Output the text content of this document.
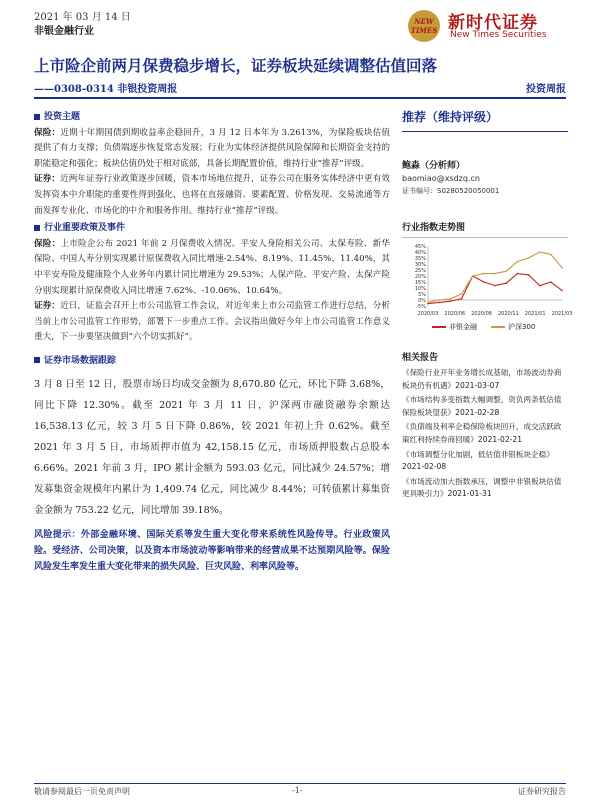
2021 年 03 月 14 日
非银金融行业
NEW
TIMES 新时代证券
New Times Securities
上市险企前两月保费稳步增长，证券板块延续调整估值回落
——0308-0314 非银投资周报	投资周报
投资主题
保险：近期十年期国债到期收益率企稳回升，3 月 12 日本年为 3.2613%，为保险板块估值提供了有力支撑；负债端逐步恢复常态发展；行业为实体经济提供风险保障和长期资金支持的职能稳定和强化；板块估值仍处于相对底部，具备长期配置价值，维持行业“推荐”评级。
证券：近两年证券行业政策逐步回暖，资本市场地位提升，证券公司在服务实体经济中更有效发挥资本中介职能的重要性得到强化，也将在直接融资、要素配置、价格发现、交易流通等方面发挥专业化、市场化的中介和服务作用。维持行业“推荐”评级。
行业重要政策及事件
保险：上市险企公布 2021 年前 2 月保费收入情况。平安人身险相关公司、太保寿险、新华保险、中国人寿分别实现累计原保费收入同比增速-2.54%、8.19%、11.45%、11.40%，其中平安寿险及健康险个人业务年内累计同比增速为 29.53%；人保产险、平安产险、太保产险分别实现累计原保费收入同比增速 7.62%、-10.06%、10.64%。
证券：近日，证监会召开上市公司监管工作会议，对近年来上市公司监管工作进行总结，分析当前上市公司监管工作形势，部署下一步重点工作。会议指出做好今年上市公司监管工作意义重大，下一步要坚决做到“六个切实抓好”。
证券市场数据跟踪
3 月 8 日至 12 日，股票市场日均成交金额为 8,670.80 亿元，环比下降 3.68%，同比下降 12.30%。截至 2021 年 3 月 11 日，沪深两市融资融券余额达 16,538.13 亿元，较 3 月 5 日下降 0.86%，较 2021 年初上升 0.62%。截至 2021 年 3 月 5 日，市场质押市值为 42,158.15 亿元，市场质押股数占总股本 6.66%。2021 年前 3 月，IPO 累计金额为 593.03 亿元，同比减少 24.57%；增发募集资金规模年内累计为 1,409.74 亿元，同比减少 8.44%；可转债累计募集资金金额为 753.22 亿元，同比增加 39.18%。
风险提示：外部金融环境、国际关系等发生重大变化带来系统性风险传导。行业政策风险。受经济、公司决策，以及资本市场波动等影响带来的经营成果不达预期风险等。保险风险发生率发生重大变化带来的损失风险、巨灾风险、利率风险等。
推荐（维持评级）
鲍淼（分析师）
baomiao@xsdzq.cn
证书编号：S0280520050001
行业指数走势图
-5%
0%
5%
10%
15%
20%
25%
30%
35%
40%
45%
2020/03 2020/06 2020/08 2020/11 2021/01 2021/03
非银金融	沪深300
相关报告
《保险行业开年业务增长成基础，市场波动券商板块仍有机遇》2021-03-07
《市场结构多变指数大幅调整，资负两条低估值保险板块望获》2021-02-28
《负债端及利率企稳保险板块回升，成交活跃政策红利持续券商回暖》2021-02-21
《市场调整分化加剧，低估值非银板块企稳》2021-02-08
《市场流动加大指数承压，调整中非银板块估值更具吸引力》2021-01-31
敬请参阅最后一页免责声明	-1-	证券研究报告
